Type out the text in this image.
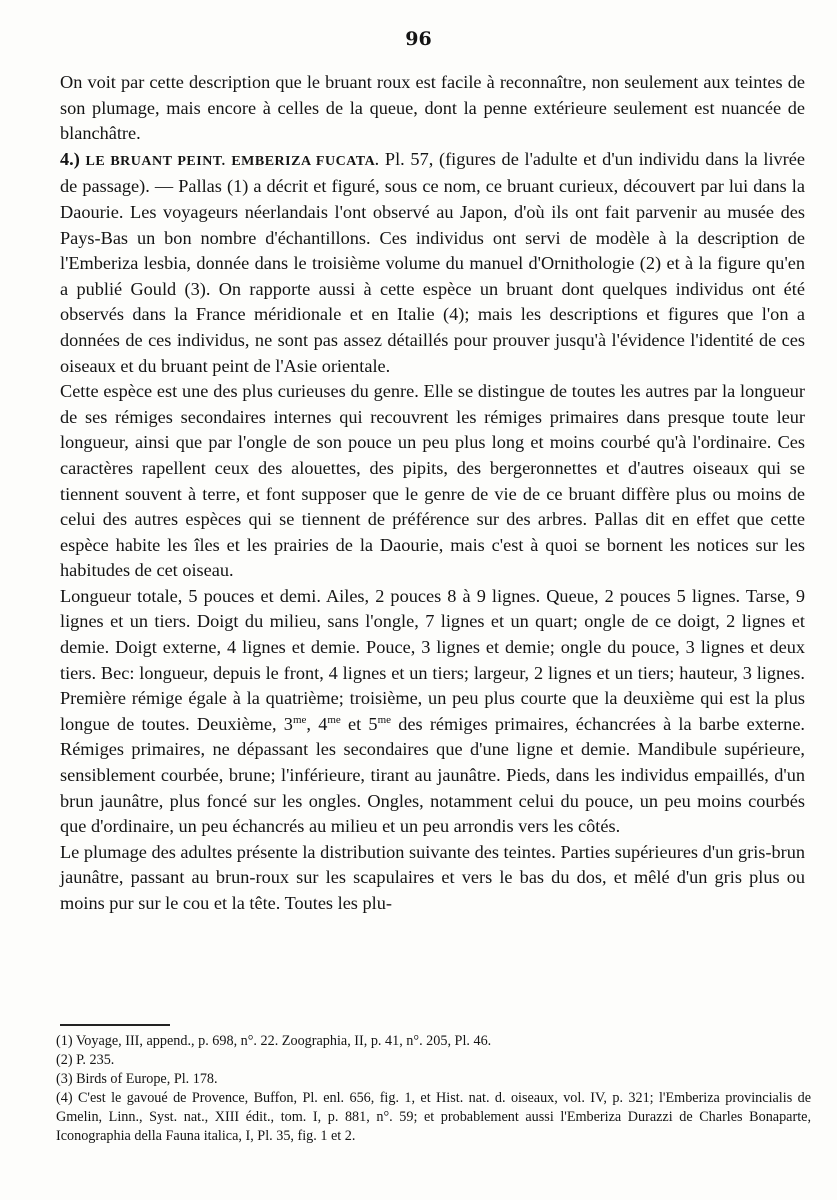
96

On voit par cette description que le bruant roux est facile à reconnaître, non seulement aux teintes de son plumage, mais encore à celles de la queue, dont la penne extérieure seulement est nuancée de blanchâtre.

4.) LE BRUANT PEINT. EMBERIZA FUCATA. Pl. 57, (figures de l'adulte et d'un individu dans la livrée de passage). — Pallas (1) a décrit et figuré, sous ce nom, ce bruant curieux, découvert par lui dans la Daourie. Les voyageurs néerlandais l'ont observé au Japon, d'où ils ont fait parvenir au musée des Pays-Bas un bon nombre d'échantillons. Ces individus ont servi de modèle à la description de l'Emberiza lesbia, donnée dans le troisième volume du manuel d'Ornithologie (2) et à la figure qu'en a publié Gould (3). On rapporte aussi à cette espèce un bruant dont quelques individus ont été observés dans la France méridionale et en Italie (4); mais les descriptions et figures que l'on a données de ces individus, ne sont pas assez détaillés pour prouver jusqu'à l'évidence l'identité de ces oiseaux et du bruant peint de l'Asie orientale.

Cette espèce est une des plus curieuses du genre. Elle se distingue de toutes les autres par la longueur de ses rémiges secondaires internes qui recouvrent les rémiges primaires dans presque toute leur longueur, ainsi que par l'ongle de son pouce un peu plus long et moins courbé qu'à l'ordinaire. Ces caractères rapellent ceux des alouettes, des pipits, des bergeronnettes et d'autres oiseaux qui se tiennent souvent à terre, et font supposer que le genre de vie de ce bruant diffère plus ou moins de celui des autres espèces qui se tiennent de préférence sur des arbres. Pallas dit en effet que cette espèce habite les îles et les prairies de la Daourie, mais c'est à quoi se bornent les notices sur les habitudes de cet oiseau.

Longueur totale, 5 pouces et demi. Ailes, 2 pouces 8 à 9 lignes. Queue, 2 pouces 5 lignes. Tarse, 9 lignes et un tiers. Doigt du milieu, sans l'ongle, 7 lignes et un quart; ongle de ce doigt, 2 lignes et demie. Doigt externe, 4 lignes et demie. Pouce, 3 lignes et demie; ongle du pouce, 3 lignes et deux tiers. Bec: longueur, depuis le front, 4 lignes et un tiers; largeur, 2 lignes et un tiers; hauteur, 3 lignes. Première rémige égale à la quatrième; troisième, un peu plus courte que la deuxième qui est la plus longue de toutes. Deuxième, $3^{me}$, $4^{me}$ et $5^{me}$ des rémiges primaires, échancrées à la barbe externe. Rémiges primaires, ne dépassant les secondaires que d'une ligne et demie. Mandibule supérieure, sensiblement courbée, brune; l'inférieure, tirant au jaunâtre. Pieds, dans les individus empaillés, d'un brun jaunâtre, plus foncé sur les ongles. Ongles, notamment celui du pouce, un peu moins courbés que d'ordinaire, un peu échancrés au milieu et un peu arrondis vers les côtés.

Le plumage des adultes présente la distribution suivante des teintes. Parties supérieures d'un gris-brun jaunâtre, passant au brun-roux sur les scapulaires et vers le bas du dos, et mêlé d'un gris plus ou moins pur sur le cou et la tête. Toutes les plu-

(1) Voyage, III, append., p. 698, n°. 22. Zoographia, II, p. 41, n°. 205, Pl. 46.

(2) P. 235.

(3) Birds of Europe, Pl. 178.

(4) C'est le gavoué de Provence, Buffon, Pl. enl. 656, fig. 1, et Hist. nat. d. oiseaux, vol. IV, p. 321; l'Emberiza provincialis de Gmelin, Linn., Syst. nat., XIII édit., tom. I, p. 881, n°. 59; et probablement aussi l'Emberiza Durazzi de Charles Bonaparte, Iconographia della Fauna italica, I, Pl. 35, fig. 1 et 2.
